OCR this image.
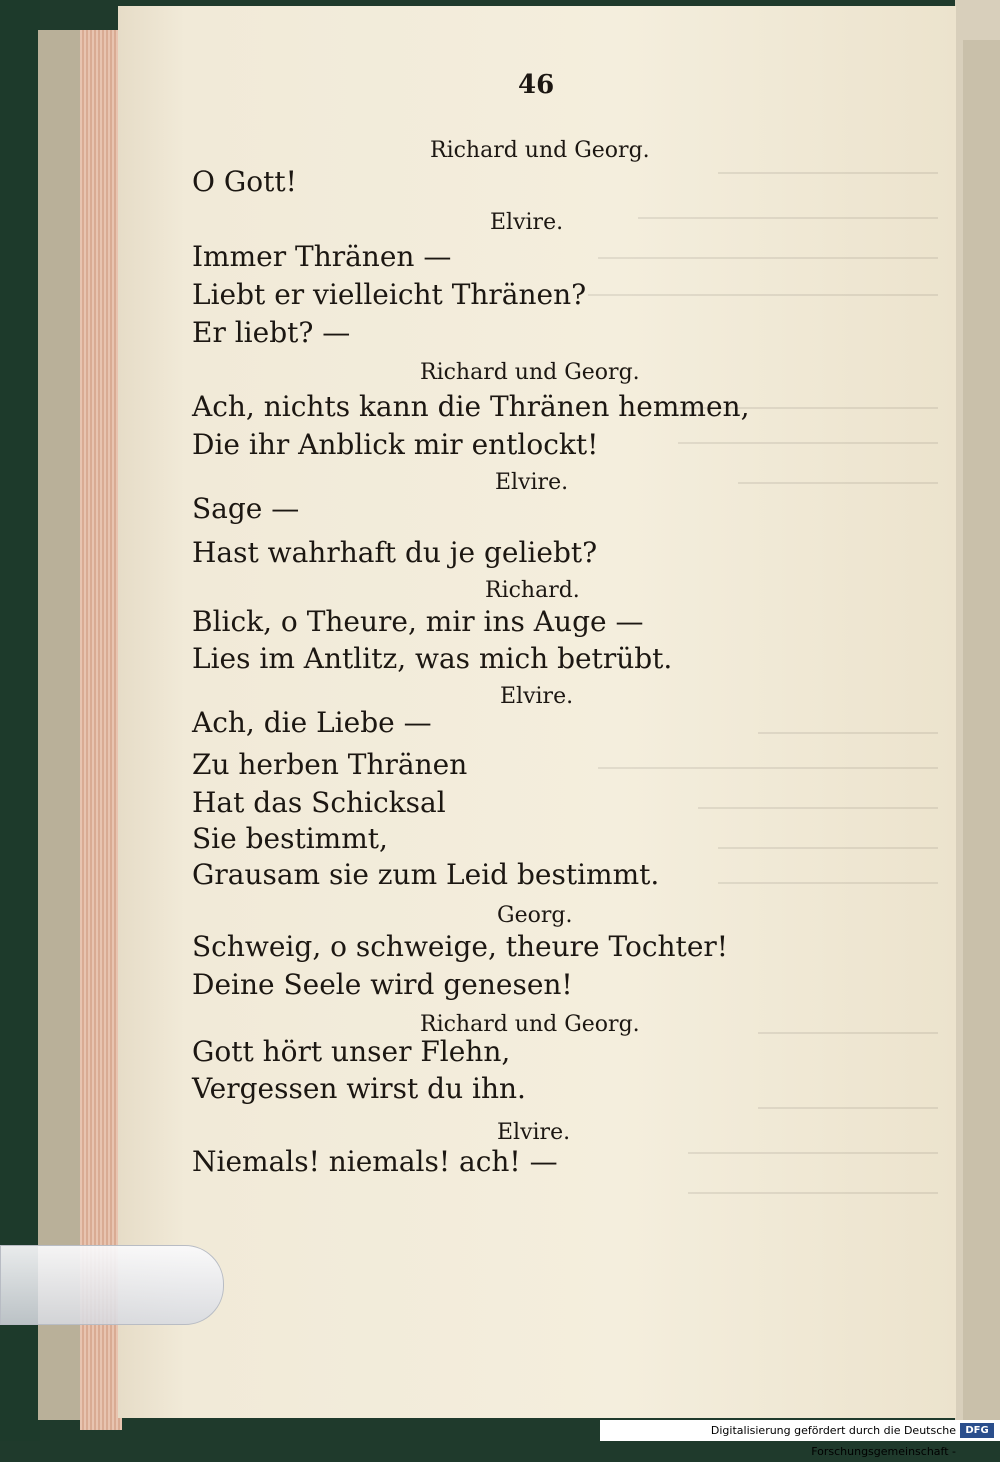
46
Richard und Georg.
O Gott!
Elvire.
Immer Thränen —
Liebt er vielleicht Thränen?
Er liebt? —
Richard und Georg.
Ach, nichts kann die Thränen hemmen,
Die ihr Anblick mir entlockt!
Elvire.
Sage —
Hast wahrhaft du je geliebt?
Richard.
Blick, o Theure, mir ins Auge —
Lies im Antlitz, was mich betrübt.
Elvire.
Ach, die Liebe —
Zu herben Thränen
Hat das Schicksal
Sie bestimmt,
Grausam sie zum Leid bestimmt.
Georg.
Schweig, o schweige, theure Tochter!
Deine Seele wird genesen!
Richard und Georg.
Gott hört unser Flehn,
Vergessen wirst du ihn.
Elvire.
Niemals! niemals! ach! —
Digitalisierung gefördert durch die Deutsche Forschungsgemeinschaft -
DFG
